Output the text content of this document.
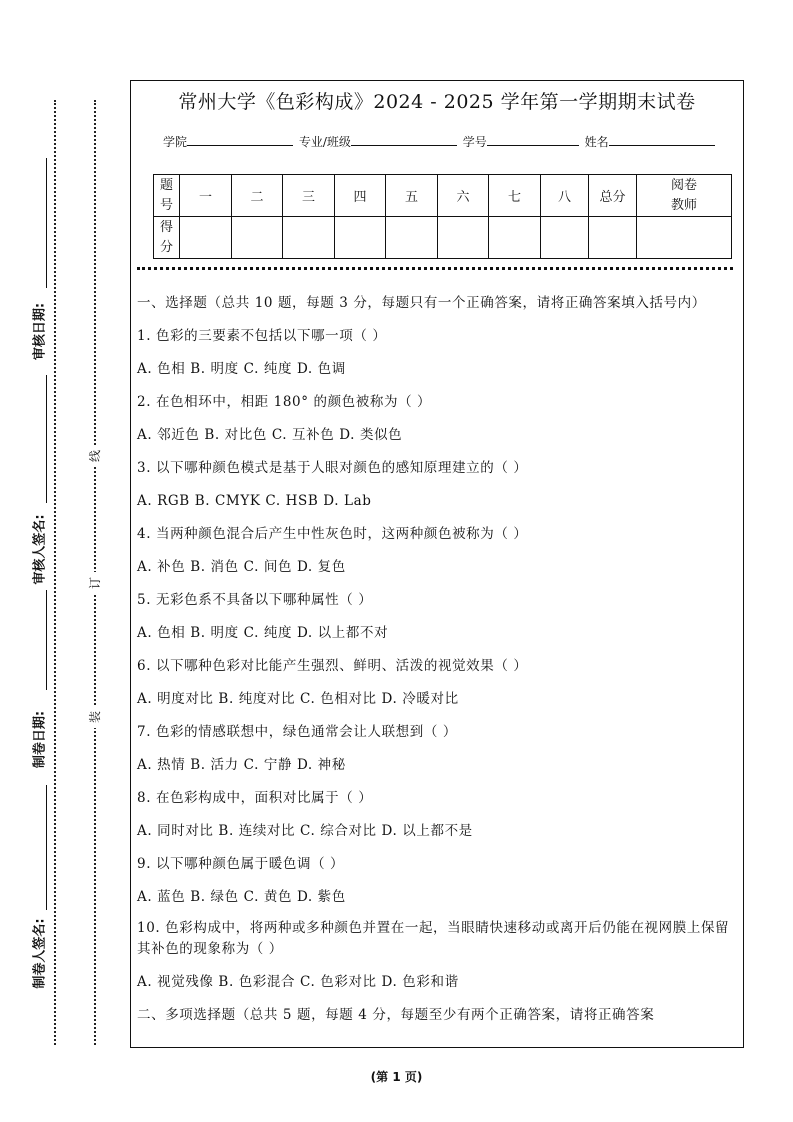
审核日期:
审核人签名:
制卷日期:
制卷人签名:
线
订
装
常州大学《色彩构成》2024 - 2025 学年第一学期期末试卷
学院	专业/班级	学号	姓名
题
号	一	二	三	四	五	六	七	八	总分	阅卷
教师
得
分										
一、选择题（总共 10 题，每题 3 分，每题只有一个正确答案，请将正确答案填入括号内）
1. 色彩的三要素不包括以下哪一项（ ）
A. 色相 B. 明度 C. 纯度 D. 色调
2. 在色相环中，相距 180° 的颜色被称为（ ）
A. 邻近色 B. 对比色 C. 互补色 D. 类似色
3. 以下哪种颜色模式是基于人眼对颜色的感知原理建立的（ ）
A. RGB B. CMYK C. HSB D. Lab
4. 当两种颜色混合后产生中性灰色时，这两种颜色被称为（ ）
A. 补色 B. 消色 C. 间色 D. 复色
5. 无彩色系不具备以下哪种属性（ ）
A. 色相 B. 明度 C. 纯度 D. 以上都不对
6. 以下哪种色彩对比能产生强烈、鲜明、活泼的视觉效果（ ）
A. 明度对比 B. 纯度对比 C. 色相对比 D. 冷暖对比
7. 色彩的情感联想中，绿色通常会让人联想到（ ）
A. 热情 B. 活力 C. 宁静 D. 神秘
8. 在色彩构成中，面积对比属于（ ）
A. 同时对比 B. 连续对比 C. 综合对比 D. 以上都不是
9. 以下哪种颜色属于暖色调（ ）
A. 蓝色 B. 绿色 C. 黄色 D. 紫色
10. 色彩构成中，将两种或多种颜色并置在一起，当眼睛快速移动或离开后仍能在视网膜上保留其补色的现象称为（ ）
A. 视觉残像 B. 色彩混合 C. 色彩对比 D. 色彩和谐
二、多项选择题（总共 5 题，每题 4 分，每题至少有两个正确答案，请将正确答案
(第 1 页)
